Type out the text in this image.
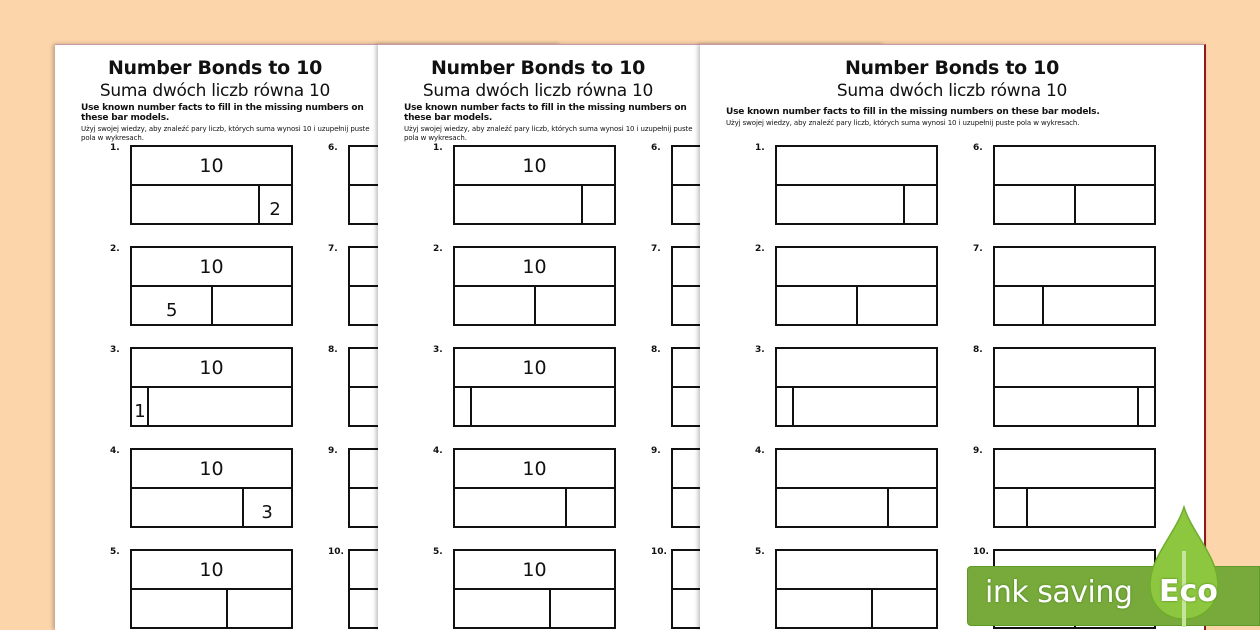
Number Bonds to 10
Suma dwóch liczb równa 10
Use known number facts to fill in the missing numbers on these bar models.
Użyj swojej wiedzy, aby znaleźć pary liczb, których suma wynosi 10 i uzupełnij puste pola w wykresach.
1.
10
2
2.
10
5
3.
10
1
4.
10
3
5.
10
6.
7.
8.
9.
10.
Number Bonds to 10
Suma dwóch liczb równa 10
Use known number facts to fill in the missing numbers on these bar models.
Użyj swojej wiedzy, aby znaleźć pary liczb, których suma wynosi 10 i uzupełnij puste pola w wykresach.
1.
10
2.
10
3.
10
4.
10
5.
10
6.
7.
8.
9.
10.
Number Bonds to 10
Suma dwóch liczb równa 10
Use known number facts to fill in the missing numbers on these bar models.
Użyj swojej wiedzy, aby znaleźć pary liczb, których suma wynosi 10 i uzupełnij puste pola w wykresach.
1.
2.
3.
4.
5.
6.
7.
8.
9.
10.
ink saving Eco
